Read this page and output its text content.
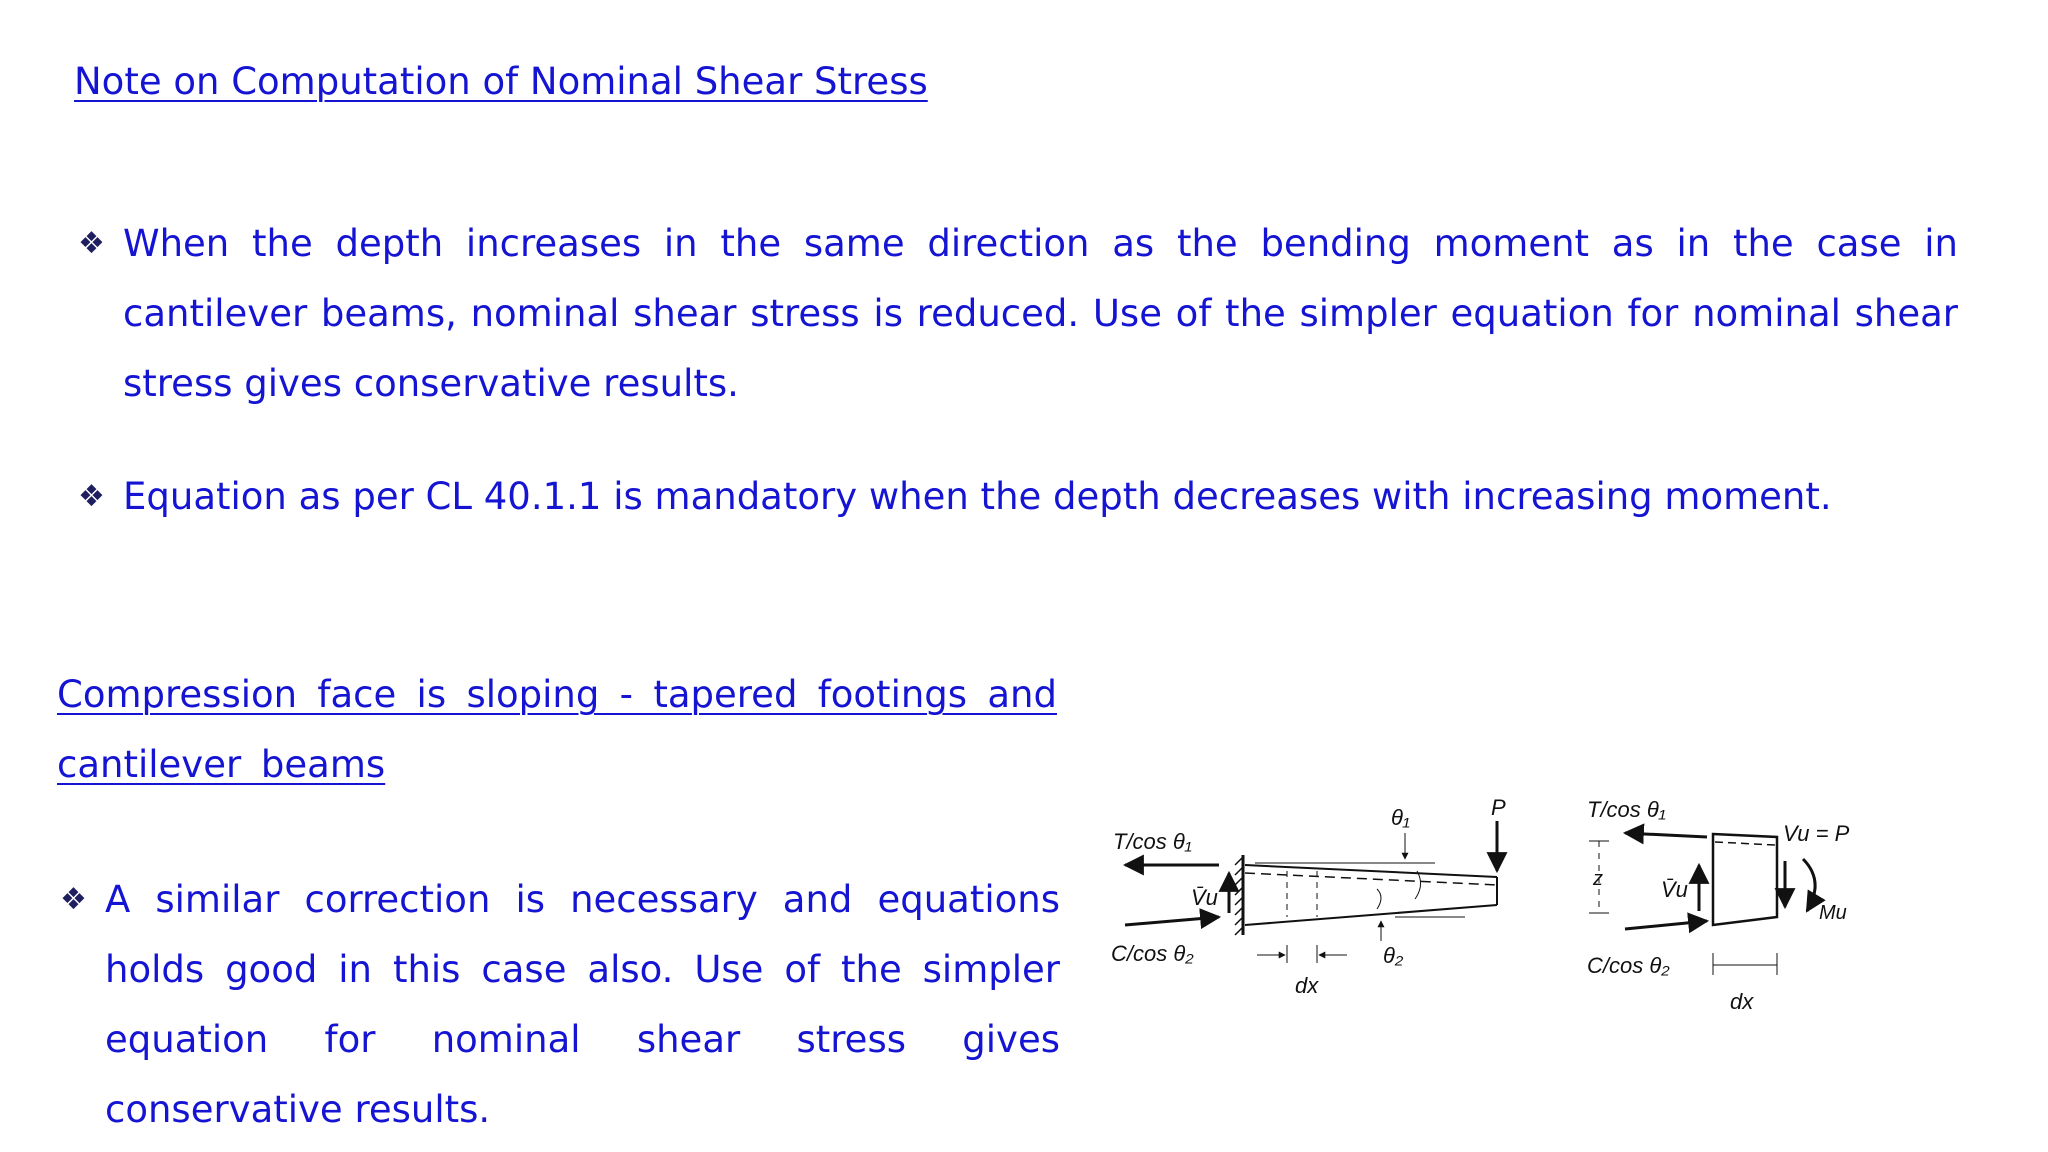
Note on Computation of Nominal Shear Stress
❖ When the depth increases in the same direction as the bending moment as in the case in cantilever beams, nominal shear stress is reduced. Use of the simpler equation for nominal shear stress gives conservative results.
❖ Equation as per CL 40.1.1 is mandatory when the depth decreases with increasing moment.
Compression face is sloping - tapered footings and cantilever beams
❖ A similar correction is necessary and equations holds good in this case also. Use of the simpler equation for nominal shear stress gives conservative results.
dx
T/cos θ₁
C/cos θ₂
V̄u
P
θ₁
θ₂
T/cos θ₁
C/cos θ₂
z	V̄u
Vu = P
Mu
dx
